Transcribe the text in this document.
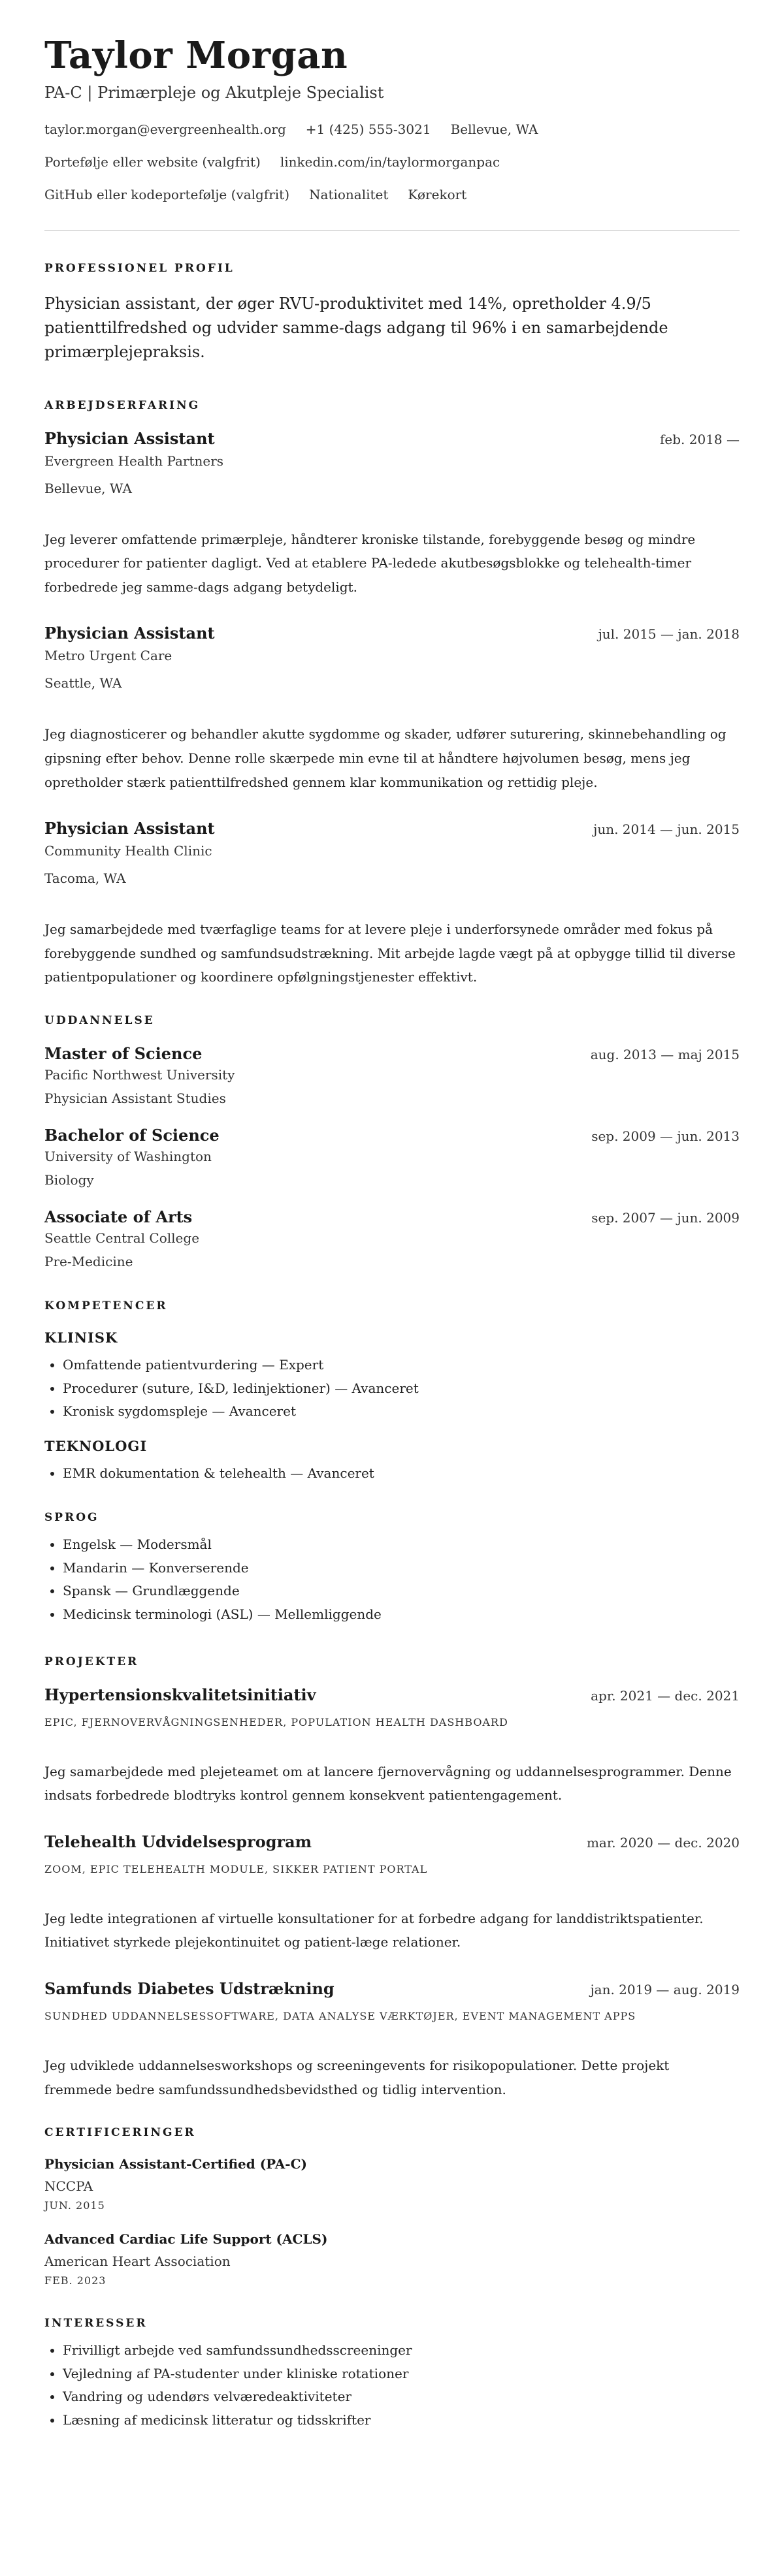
Taylor Morgan
PA-C | Primærpleje og Akutpleje Specialist
taylor.morgan@evergreenhealth.org +1 (425) 555-3021 Bellevue, WA
Portefølje eller website (valgfrit) linkedin.com/in/taylormorganpac
GitHub eller kodeportefølje (valgfrit) Nationalitet Kørekort
PROFESSIONEL PROFIL
Physician assistant, der øger RVU-produktivitet med 14%, opretholder 4.9/5 patienttilfredshed og udvider samme-dags adgang til 96% i en samarbejdende primærplejepraksis.
ARBEJDSERFARING
Physician Assistant	feb. 2018 —
Evergreen Health Partners
Bellevue, WA
Jeg leverer omfattende primærpleje, håndterer kroniske tilstande, forebyggende besøg og mindre procedurer for patienter dagligt. Ved at etablere PA-ledede akutbesøgsblokke og telehealth-timer forbedrede jeg samme-dags adgang betydeligt.
Physician Assistant	jul. 2015 — jan. 2018
Metro Urgent Care
Seattle, WA
Jeg diagnosticerer og behandler akutte sygdomme og skader, udfører suturering, skinnebehandling og gipsning efter behov. Denne rolle skærpede min evne til at håndtere højvolumen besøg, mens jeg opretholder stærk patienttilfredshed gennem klar kommunikation og rettidig pleje.
Physician Assistant	jun. 2014 — jun. 2015
Community Health Clinic
Tacoma, WA
Jeg samarbejdede med tværfaglige teams for at levere pleje i underforsynede områder med fokus på forebyggende sundhed og samfundsudstrækning. Mit arbejde lagde vægt på at opbygge tillid til diverse patientpopulationer og koordinere opfølgningstjenester effektivt.
UDDANNELSE
Master of Science	aug. 2013 — maj 2015
Pacific Northwest University
Physician Assistant Studies
Bachelor of Science	sep. 2009 — jun. 2013
University of Washington
Biology
Associate of Arts	sep. 2007 — jun. 2009
Seattle Central College
Pre-Medicine
KOMPETENCER
KLINISK
• Omfattende patientvurdering — Expert
• Procedurer (suture, I&D, ledinjektioner) — Avanceret
• Kronisk sygdomspleje — Avanceret
TEKNOLOGI
• EMR dokumentation & telehealth — Avanceret
SPROG
• Engelsk — Modersmål
• Mandarin — Konverserende
• Spansk — Grundlæggende
• Medicinsk terminologi (ASL) — Mellemliggende
PROJEKTER
Hypertensionskvalitetsinitiativ	apr. 2021 — dec. 2021
EPIC, FJERNOVERVÅGNINGSENHEDER, POPULATION HEALTH DASHBOARD
Jeg samarbejdede med plejeteamet om at lancere fjernovervågning og uddannelsesprogrammer. Denne indsats forbedrede blodtryks kontrol gennem konsekvent patientengagement.
Telehealth Udvidelsesprogram	mar. 2020 — dec. 2020
ZOOM, EPIC TELEHEALTH MODULE, SIKKER PATIENT PORTAL
Jeg ledte integrationen af virtuelle konsultationer for at forbedre adgang for landdistriktspatienter. Initiativet styrkede plejekontinuitet og patient-læge relationer.
Samfunds Diabetes Udstrækning	jan. 2019 — aug. 2019
SUNDHED UDDANNELSESSOFTWARE, DATA ANALYSE VÆRKTØJER, EVENT MANAGEMENT APPS
Jeg udviklede uddannelsesworkshops og screeningevents for risikopopulationer. Dette projekt fremmede bedre samfundssundhedsbevidsthed og tidlig intervention.
CERTIFICERINGER
Physician Assistant-Certified (PA-C)
NCCPA
JUN. 2015
Advanced Cardiac Life Support (ACLS)
American Heart Association
FEB. 2023
INTERESSER
• Frivilligt arbejde ved samfundssundhedsscreeninger
• Vejledning af PA-studenter under kliniske rotationer
• Vandring og udendørs velværedeaktiviteter
• Læsning af medicinsk litteratur og tidsskrifter
